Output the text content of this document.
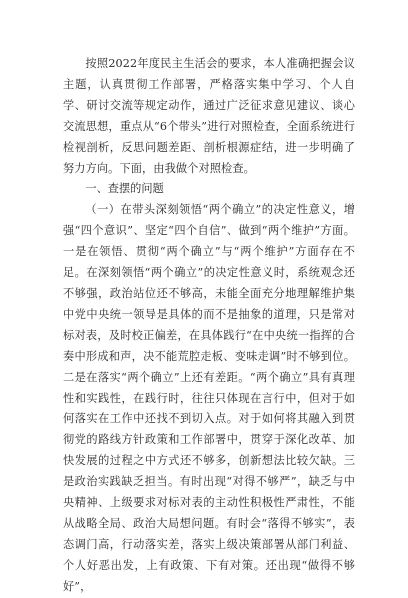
按照2022年度民主生活会的要求，本人准确把握会议主题，认真贯彻工作部署，严格落实集中学习、个人自学、研讨交流等规定动作，通过广泛征求意见建议、谈心交流思想，重点从“6个带头”进行对照检查，全面系统进行检视剖析，反思问题差距、剖析根源症结，进一步明确了努力方向。下面，由我做个对照检查。

一、查摆的问题

（一）在带头深刻领悟“两个确立”的决定性意义，增强“四个意识”、坚定“四个自信”、做到“两个维护”方面。一是在领悟、贯彻“两个确立”与“两个维护”方面存在不足。在深刻领悟“两个确立”的决定性意义时，系统观念还不够强，政治站位还不够高，未能全面充分地理解维护集中党中央统一领导是具体的而不是抽象的道理，只是常对标对表，及时校正偏差，在具体践行“在中央统一指挥的合奏中形成和声，决不能荒腔走板、变味走调”时不够到位。二是在落实“两个确立”上还有差距。“两个确立”具有真理性和实践性，在践行时，往往只体现在言行中，但对于如何落实在工作中还找不到切入点。对于如何将其融入到贯彻党的路线方针政策和工作部署中，贯穿于深化改革、加快发展的过程之中方式还不够多，创新想法比较欠缺。三是政治实践缺乏担当。有时出现“对得不够严”，缺乏与中央精神、上级要求对标对表的主动性积极性严肃性，不能从战略全局、政治大局想问题。有时会“落得不够实”，表态调门高，行动落实差，落实上级决策部署从部门利益、个人好恶出发，上有政策、下有对策。还出现“做得不够好”，
